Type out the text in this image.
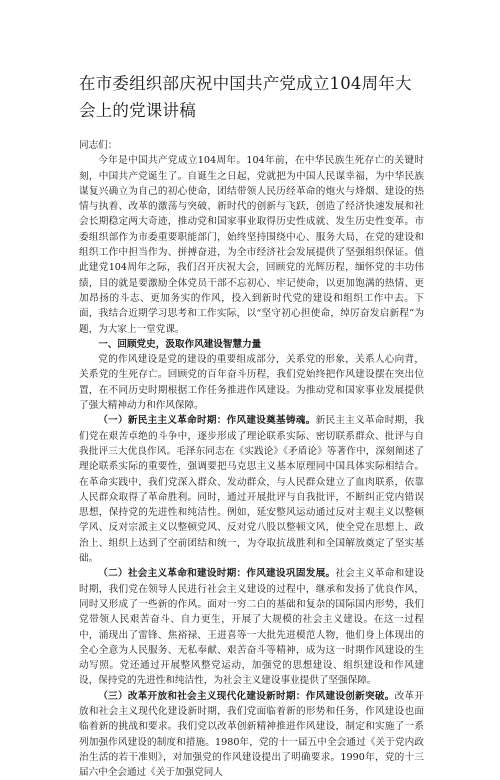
在市委组织部庆祝中国共产党成立104周年大会上的党课讲稿

同志们：

今年是中国共产党成立104周年。104年前，在中华民族生死存亡的关键时刻，中国共产党诞生了。自诞生之日起，党就把为中国人民谋幸福，为中华民族谋复兴确立为自己的初心使命，团结带领人民历经革命的炮火与烽烟、建设的热情与执着、改革的激荡与突破、新时代的创新与飞跃，创造了经济快速发展和社会长期稳定两大奇迹，推动党和国家事业取得历史性成就、发生历史性变革。市委组织部作为市委重要职能部门，始终坚持围绕中心、服务大局，在党的建设和组织工作中担当作为、拼搏奋进，为全市经济社会发展提供了坚强组织保证。值此建党104周年之际，我们召开庆祝大会，回顾党的光辉历程，缅怀党的丰功伟绩，目的就是要激励全体党员干部不忘初心、牢记使命，以更加饱满的热情、更加昂扬的斗志、更加务实的作风，投入到新时代党的建设和组织工作中去。下面，我结合近期学习思考和工作实际，以“坚守初心担使命，绰厉奋发启新程”为题，为大家上一堂党课。

一、回顾党史，汲取作风建设智慧力量

党的作风建设是党的建设的重要组成部分，关系党的形象，关系人心向背，关系党的生死存亡。回顾党的百年奋斗历程，我们党始终把作风建设摆在突出位置，在不同历史时期根据工作任务推进作风建设。为推动党和国家事业发展提供了强大精神动力和作风保障。

（一）新民主主义革命时期：作风建设奠基铸魂。新民主主义革命时期，我们党在艰苦卓绝的斗争中，逐步形成了理论联系实际、密切联系群众、批评与自我批评三大优良作风。毛泽东同志在《实践论》《矛盾论》等著作中，深刻阐述了理论联系实际的重要性，强调要把马克思主义基本原理同中国具体实际相结合。在革命实践中，我们党深入群众、发动群众，与人民群众建立了血肉联系，依靠人民群众取得了革命胜利。同时，通过开展批评与自我批评，不断纠正党内错误思想，保持党的先进性和纯洁性。例如，延安整风运动通过反对主观主义以整顿学风、反对宗派主义以整顿党风、反对党八股以整顿文风，使全党在思想上、政治上、组织上达到了空前团结和统一，为夺取抗战胜利和全国解放奠定了坚实基础。

（二）社会主义革命和建设时期：作风建设巩固发展。社会主义革命和建设时期，我们党在领导人民进行社会主义建设的过程中，继承和发扬了优良作风，同时又形成了一些新的作风。面对一穷二白的基础和复杂的国际国内形势，我们党带领人民艰苦奋斗、自力更生，开展了大规模的社会主义建设。在这一过程中，涌现出了雷锋、焦裕禄、王进喜等一大批先进模范人物，他们身上体现出的全心全意为人民服务、无私奉献、艰苦奋斗等精神，成为这一时期作风建设的生动写照。党还通过开展整风整党运动，加强党的思想建设、组织建设和作风建设，保持党的先进性和纯洁性，为社会主义建设事业提供了坚强保障。

（三）改革开放和社会主义现代化建设新时期：作风建设创新突破。改革开放和社会主义现代化建设新时期，我们党面临着新的形势和任务，作风建设也面临着新的挑战和要求。我们党以改革创新精神推进作风建设，制定和实施了一系列加强作风建设的制度和措施。1980年，党的十一届五中全会通过《关于党内政治生活的若干准则》，对加强党的作风建设提出了明确要求。1990年，党的十三届六中全会通过《关于加强党同人
